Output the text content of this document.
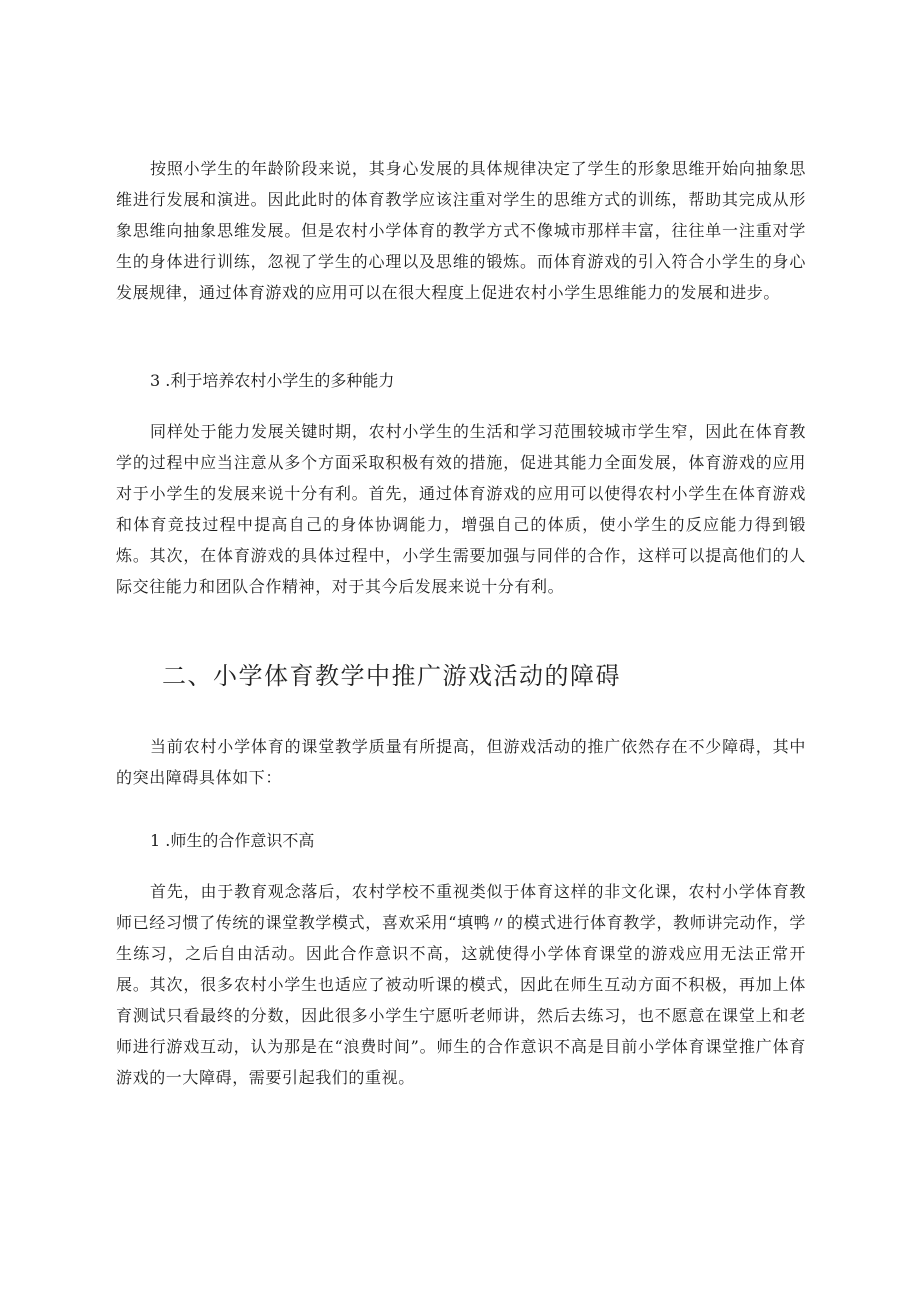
按照小学生的年龄阶段来说，其身心发展的具体规律决定了学生的形象思维开始向抽象思维进行发展和演进。因此此时的体育教学应该注重对学生的思维方式的训练，帮助其完成从形象思维向抽象思维发展。但是农村小学体育的教学方式不像城市那样丰富，往往单一注重对学生的身体进行训练，忽视了学生的心理以及思维的锻炼。而体育游戏的引入符合小学生的身心发展规律，通过体育游戏的应用可以在很大程度上促进农村小学生思维能力的发展和进步。

3 .利于培养农村小学生的多种能力

同样处于能力发展关键时期，农村小学生的生活和学习范围较城市学生窄，因此在体育教学的过程中应当注意从多个方面采取积极有效的措施，促进其能力全面发展，体育游戏的应用对于小学生的发展来说十分有利。首先，通过体育游戏的应用可以使得农村小学生在体育游戏和体育竞技过程中提高自己的身体协调能力，增强自己的体质，使小学生的反应能力得到锻炼。其次，在体育游戏的具体过程中，小学生需要加强与同伴的合作，这样可以提高他们的人际交往能力和团队合作精神，对于其今后发展来说十分有利。

二、小学体育教学中推广游戏活动的障碍

当前农村小学体育的课堂教学质量有所提高，但游戏活动的推广依然存在不少障碍，其中的突出障碍具体如下：

1 .师生的合作意识不高

首先，由于教育观念落后，农村学校不重视类似于体育这样的非文化课，农村小学体育教师已经习惯了传统的课堂教学模式，喜欢采用“填鸭〃的模式进行体育教学，教师讲完动作，学生练习，之后自由活动。因此合作意识不高，这就使得小学体育课堂的游戏应用无法正常开展。其次，很多农村小学生也适应了被动听课的模式，因此在师生互动方面不积极，再加上体育测试只看最终的分数，因此很多小学生宁愿听老师讲，然后去练习，也不愿意在课堂上和老师进行游戏互动，认为那是在“浪费时间”。师生的合作意识不高是目前小学体育课堂推广体育游戏的一大障碍，需要引起我们的重视。
